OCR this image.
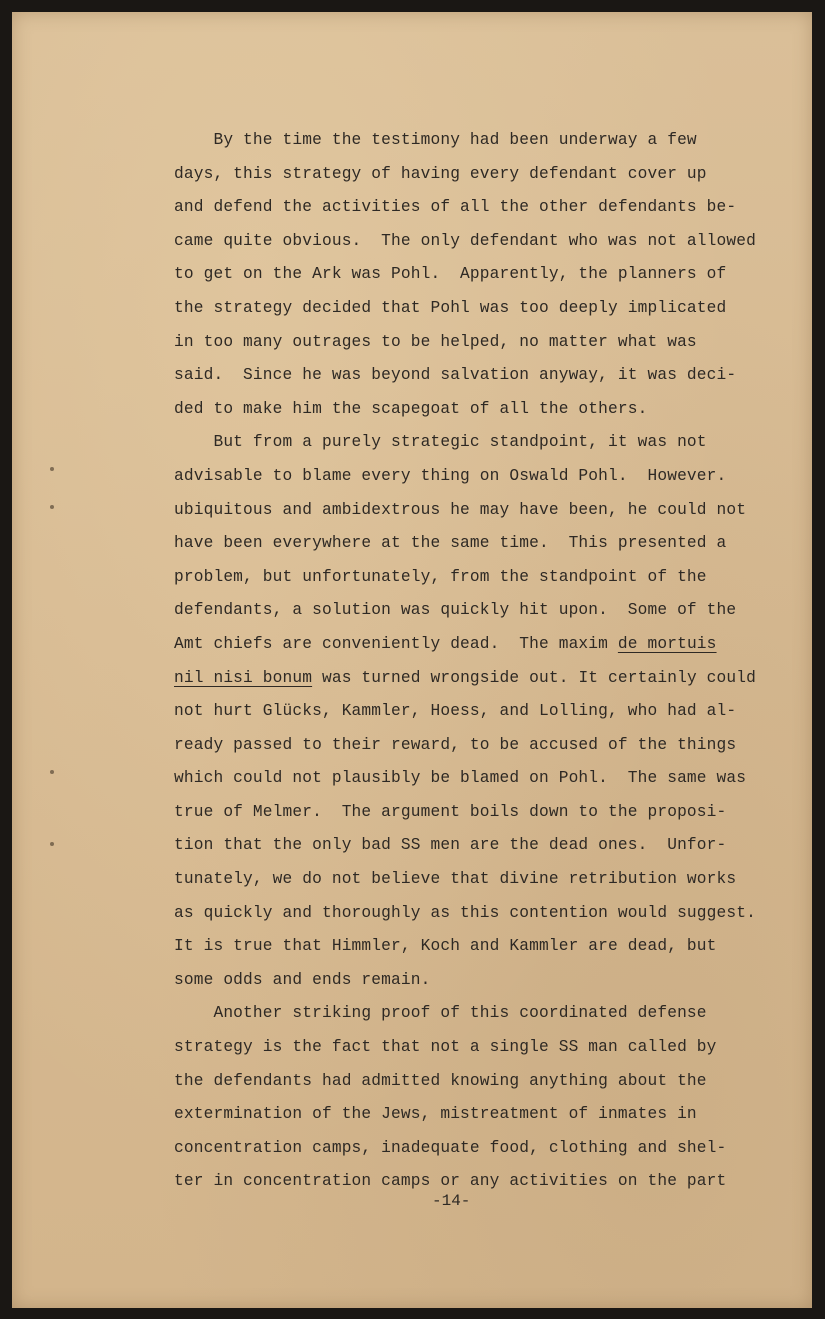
By the time the testimony had been underway a few
days, this strategy of having every defendant cover up
and defend the activities of all the other defendants be-
came quite obvious.  The only defendant who was not allowed
to get on the Ark was Pohl.  Apparently, the planners of
the strategy decided that Pohl was too deeply implicated
in too many outrages to be helped, no matter what was
said.  Since he was beyond salvation anyway, it was deci-
ded to make him the scapegoat of all the others.
But from a purely strategic standpoint, it was not
advisable to blame every thing on Oswald Pohl.  However.
ubiquitous and ambidextrous he may have been, he could not
have been everywhere at the same time.  This presented a
problem, but unfortunately, from the standpoint of the
defendants, a solution was quickly hit upon.  Some of the
Amt chiefs are conveniently dead.  The maxim de mortuis
nil nisi bonum was turned wrongside out. It certainly could
not hurt Glücks, Kammler, Hoess, and Lolling, who had al-
ready passed to their reward, to be accused of the things
which could not plausibly be blamed on Pohl.  The same was
true of Melmer.  The argument boils down to the proposi-
tion that the only bad SS men are the dead ones.  Unfor-
tunately, we do not believe that divine retribution works
as quickly and thoroughly as this contention would suggest.
It is true that Himmler, Koch and Kammler are dead, but
some odds and ends remain.
Another striking proof of this coordinated defense
strategy is the fact that not a single SS man called by
the defendants had admitted knowing anything about the
extermination of the Jews, mistreatment of inmates in
concentration camps, inadequate food, clothing and shel-
ter in concentration camps or any activities on the part
-14-
